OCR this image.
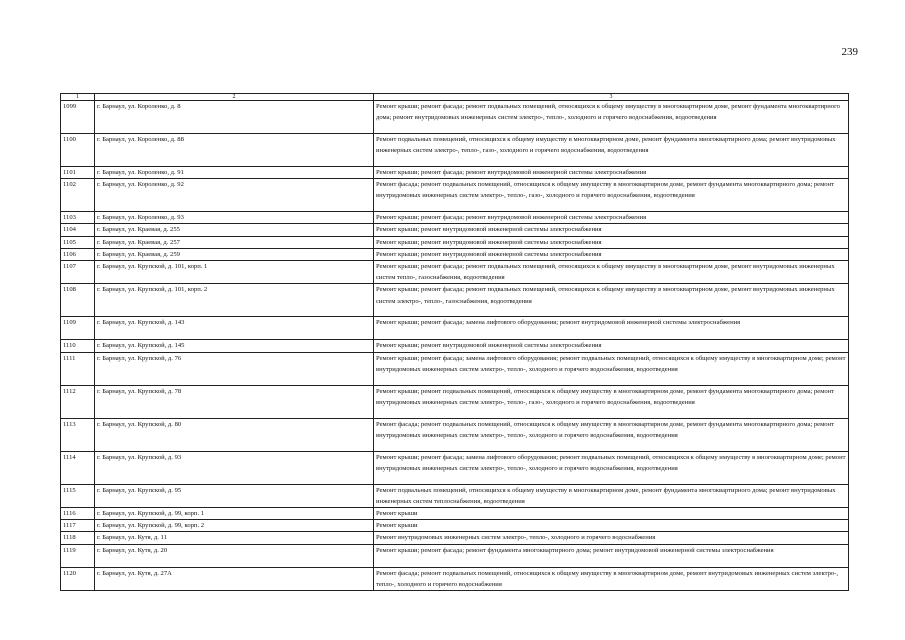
239
1	2	3
1099	г. Барнаул, ул. Короленко, д. 8	Ремонт крыши; ремонт фасада; ремонт подвальных помещений, относящихся к общему имуществу в многоквартирном доме, ремонт фундамента многоквартирного дома; ремонт внутридомовых инженерных систем электро-, тепло-, холодного и горячего водоснабжения, водоотведения
1100	г. Барнаул, ул. Короленко, д. 88	Ремонт подвальных помещений, относящихся к общему имуществу в многоквартирном доме, ремонт фундамента многоквартирного дома; ремонт внутридомовых инженерных систем электро-, тепло-, газо-, холодного и горячего водоснабжения, водоотведения
1101	г. Барнаул, ул. Короленко, д. 91	Ремонт крыши; ремонт фасада; ремонт внутридомовой инженерной системы электроснабжения
1102	г. Барнаул, ул. Короленко, д. 92	Ремонт фасада; ремонт подвальных помещений, относящихся к общему имуществу в многоквартирном доме, ремонт фундамента многоквартирного дома; ремонт внутридомовых инженерных систем электро-, тепло-, газо-, холодного и горячего водоснабжения, водоотведения
1103	г. Барнаул, ул. Короленко, д. 93	Ремонт крыши; ремонт фасада; ремонт внутридомовой инженерной системы электроснабжения
1104	г. Барнаул, ул. Краевая, д. 255	Ремонт крыши; ремонт внутридомовой инженерной системы электроснабжения
1105	г. Барнаул, ул. Краевая, д. 257	Ремонт крыши; ремонт внутридомовой инженерной системы электроснабжения
1106	г. Барнаул, ул. Краевая, д. 259	Ремонт крыши; ремонт внутридомовой инженерной системы электроснабжения
1107	г. Барнаул, ул. Крупской, д. 101, корп. 1	Ремонт крыши; ремонт фасада; ремонт подвальных помещений, относящихся к общему имуществу в многоквартирном доме, ремонт внутридомовых инженерных систем тепло-, газоснабжения, водоотведения
1108	г. Барнаул, ул. Крупской, д. 101, корп. 2	Ремонт крыши; ремонт фасада; ремонт подвальных помещений, относящихся к общему имуществу в многоквартирном доме, ремонт внутридомовых инженерных систем электро-, тепло-, газоснабжения, водоотведения
1109	г. Барнаул, ул. Крупской, д. 143	Ремонт крыши; ремонт фасада; замена лифтового оборудования; ремонт внутридомовой инженерной системы электроснабжения
1110	г. Барнаул, ул. Крупской, д. 145	Ремонт крыши; ремонт внутридомовой инженерной системы электроснабжения
1111	г. Барнаул, ул. Крупской, д. 76	Ремонт крыши; ремонт фасада; замена лифтового оборудования; ремонт подвальных помещений, относящихся к общему имуществу в многоквартирном доме; ремонт внутридомовых инженерных систем электро-, тепло-, холодного и горячего водоснабжения, водоотведения
1112	г. Барнаул, ул. Крупской, д. 78	Ремонт крыши; ремонт подвальных помещений, относящихся к общему имуществу в многоквартирном доме, ремонт фундамента многоквартирного дома; ремонт внутридомовых инженерных систем электро-, тепло-, газо-, холодного и горячего водоснабжения, водоотведения
1113	г. Барнаул, ул. Крупской, д. 80	Ремонт фасада; ремонт подвальных помещений, относящихся к общему имуществу в многоквартирном доме, ремонт фундамента многоквартирного дома; ремонт внутридомовых инженерных систем электро-, тепло-, холодного и горячего водоснабжения, водоотведения
1114	г. Барнаул, ул. Крупской, д. 93	Ремонт крыши; ремонт фасада; замена лифтового оборудования; ремонт подвальных помещений, относящихся к общему имуществу в многоквартирном доме; ремонт внутридомовых инженерных систем электро-, тепло-, холодного и горячего водоснабжения, водоотведения
1115	г. Барнаул, ул. Крупской, д. 95	Ремонт подвальных помещений, относящихся к общему имуществу в многоквартирном доме, ремонт фундамента многоквартирного дома; ремонт внутридомовых инженерных систем теплоснабжения, водоотведения
1116	г. Барнаул, ул. Крупской, д. 99, корп. 1	Ремонт крыши
1117	г. Барнаул, ул. Крупской, д. 99, корп. 2	Ремонт крыши
1118	г. Барнаул, ул. Кутя, д. 11	Ремонт внутридомовых инженерных систем электро-, тепло-, холодного и горячего водоснабжения
1119	г. Барнаул, ул. Кутя, д. 20	Ремонт крыши; ремонт фасада; ремонт фундамента многоквартирного дома; ремонт внутридомовой инженерной системы электроснабжения
1120	г. Барнаул, ул. Кутя, д. 27А	Ремонт фасада; ремонт подвальных помещений, относящихся к общему имуществу в многоквартирном доме, ремонт внутридомовых инженерных систем электро-, тепло-, холодного и горячего водоснабжения
